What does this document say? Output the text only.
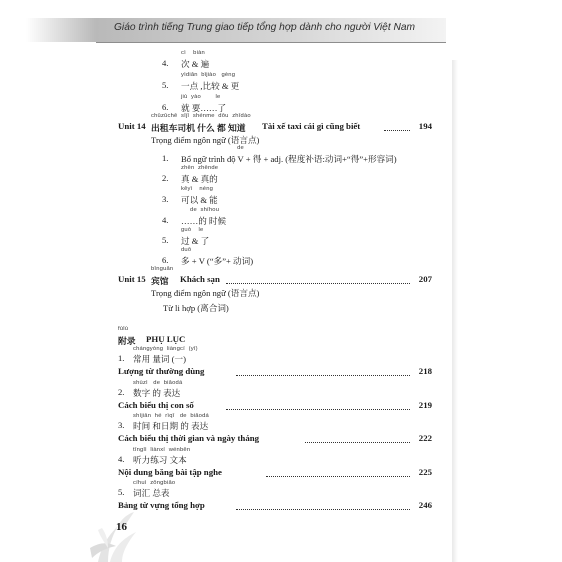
Giáo trình tiếng Trung giao tiếp tổng hợp dành cho người Việt Nam
cì    biàn
4. 次 & 遍
yìdiǎn  bǐjiào   gèng
5. 一点 ,比较 & 更
jiù  yào        le
6. 就 要……了
chūzūchē  sījī  shénme  dōu  zhīdào
Unit 14 出租车司机 什么 都 知道 Tài xế taxi cái gì cũng biết	194
Trọng điểm ngôn ngữ (语言点)
de
1. Bổ ngữ trình độ V + 得 + adj. (程度补语:动词+“得”+形容词)
zhēn  zhēnde
2. 真 & 真的
kěyǐ    néng
3. 可以 & 能
de  shíhou
4. ……的 时候
guò    le
5. 过 & 了
duō
6. 多 + V (“多”+ 动词)
bīnguǎn
Unit 15 宾馆 Khách sạn	207
Trọng điểm ngôn ngữ (语言点)
Từ li hợp (离合词)
fùlù
附录 PHỤ LỤC
chángyòng  liàngcí  (yī)
1. 常用 量词 (一)
Lượng từ thường dùng	218
shùzì   de  biǎodá
2. 数字 的 表达
Cách biểu thị con số	219
shíjiān  hé  rìqī   de  biǎodá
3. 时间 和日期 的 表达
Cách biểu thị thời gian và ngày tháng	222
tīnglì  liànxí  wénběn
4. 听力练习 文本
Nội dung băng bài tập nghe	225
cíhuì  zǒngbiǎo
5. 词汇 总表
Bảng từ vựng tổng hợp	246
16
